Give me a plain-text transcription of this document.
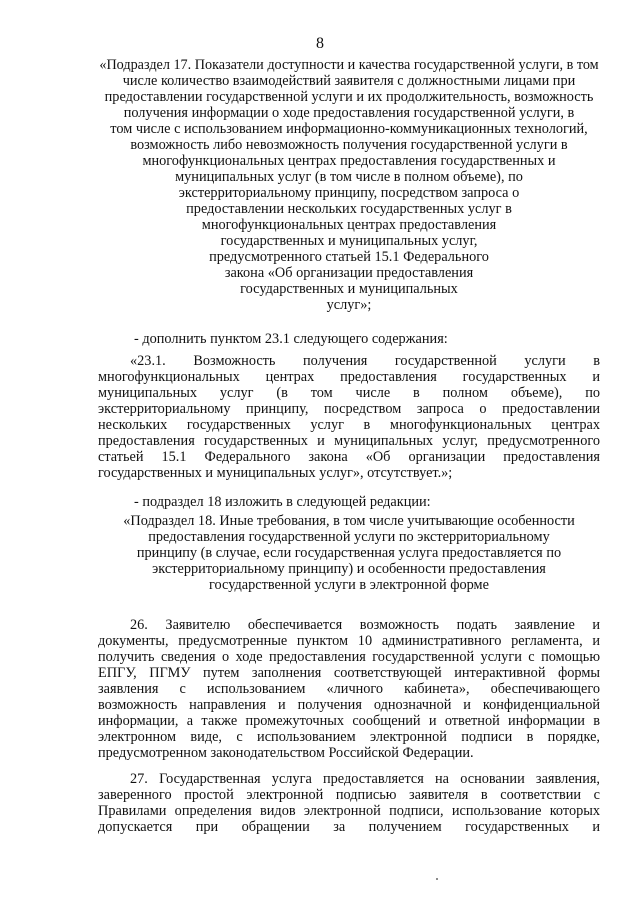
8
«Подраздел 17. Показатели доступности и качества государственной услуги, в том
числе количество взаимодействий заявителя с должностными лицами при
предоставлении государственной услуги и их продолжительность, возможность
получения информации о ходе предоставления государственной услуги, в
том числе с использованием информационно-коммуникационных технологий,
возможность либо невозможность получения государственной услуги в
многофункциональных центрах предоставления государственных и
муниципальных услуг (в том числе в полном объеме), по
экстерриториальному принципу, посредством запроса о
предоставлении нескольких государственных услуг в
многофункциональных центрах предоставления
государственных и муниципальных услуг,
предусмотренного статьей 15.1 Федерального
закона «Об организации предоставления
государственных и муниципальных
услуг»;
- дополнить пунктом 23.1 следующего содержания:
«23.1. Возможность получения государственной услуги в
многофункциональных центрах предоставления государственных и
муниципальных услуг (в том числе в полном объеме), по
экстерриториальному принципу, посредством запроса о предоставлении
нескольких государственных услуг в многофункциональных центрах
предоставления государственных и муниципальных услуг, предусмотренного
статьей 15.1 Федерального закона «Об организации предоставления
государственных и муниципальных услуг», отсутствует.»;
- подраздел 18 изложить в следующей редакции:
«Подраздел 18. Иные требования, в том числе учитывающие особенности
предоставления государственной услуги по экстерриториальному
принципу (в случае, если государственная услуга предоставляется по
экстерриториальному принципу) и особенности предоставления
государственной услуги в электронной форме
26. Заявителю обеспечивается возможность подать заявление и
документы, предусмотренные пунктом 10 административного регламента, и
получить сведения о ходе предоставления государственной услуги с помощью
ЕПГУ, ПГМУ путем заполнения соответствующей интерактивной формы
заявления с использованием «личного кабинета», обеспечивающего
возможность направления и получения однозначной и конфиденциальной
информации, а также промежуточных сообщений и ответной информации в
электронном виде, с использованием электронной подписи в порядке,
предусмотренном законодательством Российской Федерации.
27. Государственная услуга предоставляется на основании заявления,
заверенного простой электронной подписью заявителя в соответствии с
Правилами определения видов электронной подписи, использование которых
допускается при обращении за получением государственных и
